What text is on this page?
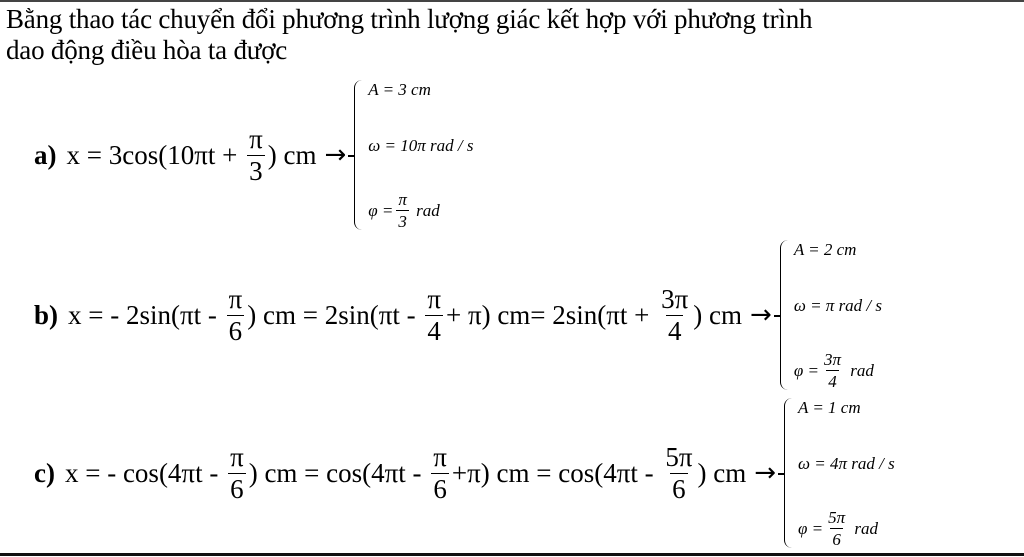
Bằng thao tác chuyển đổi phương trình lượng giác kết hợp với phương trình
dao động điều hòa ta được
a) $x = 3\cos(10\pi t + \frac{\pi}{3}$ ) cm →
A = 3 cm
ω = 10π rad / s
$\varphi = \frac{\pi}{3}$ rad
b) x = - $2\sin(\pi t - \frac{\pi}{6}$ ) cm = $2\sin(\pi t - \frac{\pi}{4} + \pi)$ $cm= 2\sin(\pi t + \frac{3\pi}{4}$ ) cm →
A = 2 cm
ω = π rad / s
$\varphi = \frac{3\pi}{4}$ rad
c) x = - $\cos(4\pi t - \frac{\pi}{6}$ ) cm = $\cos(4\pi t - \frac{\pi}{6} +\pi)$ cm = $\cos(4\pi t - \frac{5\pi}{6}$ ) cm →
A = 1 cm
ω = 4π rad / s
$\varphi = \frac{5\pi}{6}$ rad
